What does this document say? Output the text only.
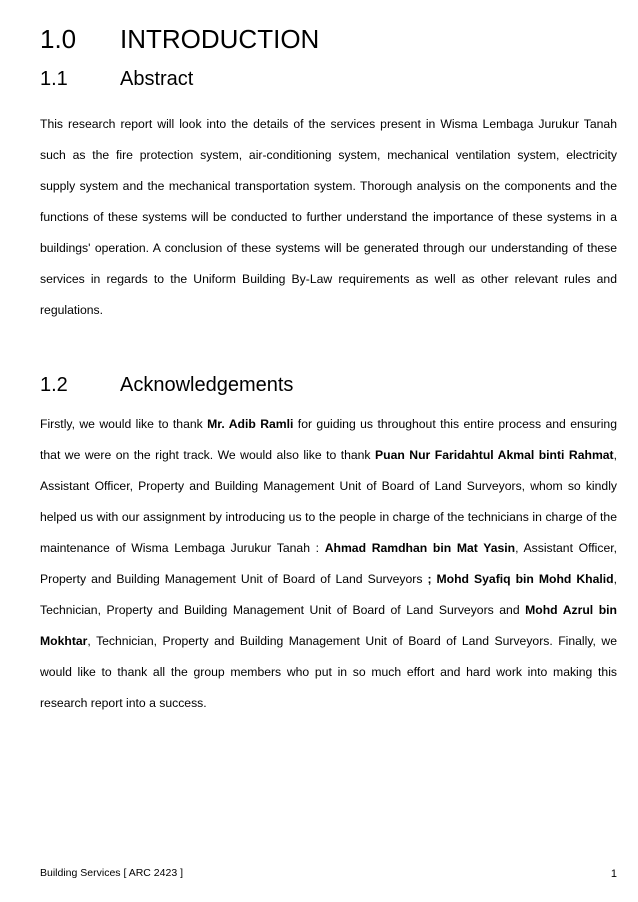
1.0 INTRODUCTION
1.1	Abstract

This research report will look into the details of the services present in Wisma Lembaga Jurukur Tanah such as the fire protection system, air-conditioning system, mechanical ventilation system, electricity supply system and the mechanical transportation system. Thorough analysis on the components and the functions of these systems will be conducted to further understand the importance of these systems in a buildings' operation. A conclusion of these systems will be generated through our understanding of these services in regards to the Uniform Building By-Law requirements as well as other relevant rules and regulations.

1.2	Acknowledgements

Firstly, we would like to thank Mr. Adib Ramli for guiding us throughout this entire process and ensuring that we were on the right track. We would also like to thank Puan Nur Faridahtul Akmal binti Rahmat, Assistant Officer, Property and Building Management Unit of Board of Land Surveyors, whom so kindly helped us with our assignment by introducing us to the people in charge of the technicians in charge of the maintenance of Wisma Lembaga Jurukur Tanah : Ahmad Ramdhan bin Mat Yasin, Assistant Officer, Property and Building Management Unit of Board of Land Surveyors ; Mohd Syafiq bin Mohd Khalid, Technician, Property and Building Management Unit of Board of Land Surveyors and Mohd Azrul bin Mokhtar, Technician, Property and Building Management Unit of Board of Land Surveyors. Finally, we would like to thank all the group members who put in so much effort and hard work into making this research report into a success.

Building Services [ ARC 2423 ]	1
